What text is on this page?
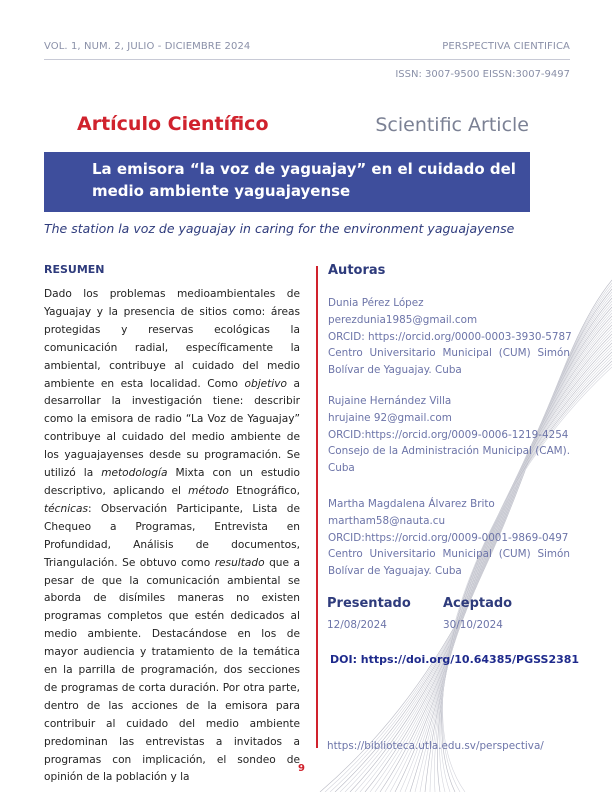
VOL. 1, NUM. 2, JULIO - DICIEMBRE 2024	PERSPECTIVA CIENTIFICA
ISSN: 3007-9500 EISSN:3007-9497
Artículo Científico	Scientific Article
La emisora “la voz de yaguajay” en el cuidado del medio ambiente yaguajayense
The station la voz de yaguajay in caring for the environment yaguajayense
RESUMEN
Dado los problemas medioambientales de Yaguajay y la presencia de sitios como: áreas protegidas y reservas ecológicas la comunicación radial, específicamente la ambiental, contribuye al cuidado del medio ambiente en esta localidad. Como objetivo a desarrollar la investigación tiene: describir como la emisora de radio “La Voz de Yaguajay” contribuye al cuidado del medio ambiente de los yaguajayenses desde su programación. Se utilizó la metodología Mixta con un estudio descriptivo, aplicando el método Etnográfico, técnicas: Observación Participante, Lista de Chequeo a Programas, Entrevista en Profundidad, Análisis de documentos, Triangulación. Se obtuvo como resultado que a pesar de que la comunicación ambiental se aborda de disímiles maneras no existen programas completos que estén dedicados al medio ambiente. Destacándose en los de mayor audiencia y tratamiento de la temática en la parrilla de programación, dos secciones de programas de corta duración. Por otra parte, dentro de las acciones de la emisora para contribuir al cuidado del medio ambiente predominan las entrevistas a invitados a programas con implicación, el sondeo de opinión de la población y la
Autoras
Dunia Pérez López
perezdunia1985@gmail.com
ORCID: https://orcid.org/0000-0003-3930-5787
Centro Universitario Municipal (CUM) Simón Bolívar de Yaguajay. Cuba
Rujaine Hernández Villa
hrujaine 92@gmail.com
ORCID:https://orcid.org/0009-0006-1219-4254
Consejo de la Administración Municipal (CAM). Cuba
Martha Magdalena Álvarez Brito
martham58@nauta.cu
ORCID:https://orcid.org/0009-0001-9869-0497
Centro Universitario Municipal (CUM) Simón Bolívar de Yaguajay. Cuba
Presentado Aceptado
12/08/2024	30/10/2024
DOI: https://doi.org/10.64385/PGSS2381
https://biblioteca.utla.edu.sv/perspectiva/
9
